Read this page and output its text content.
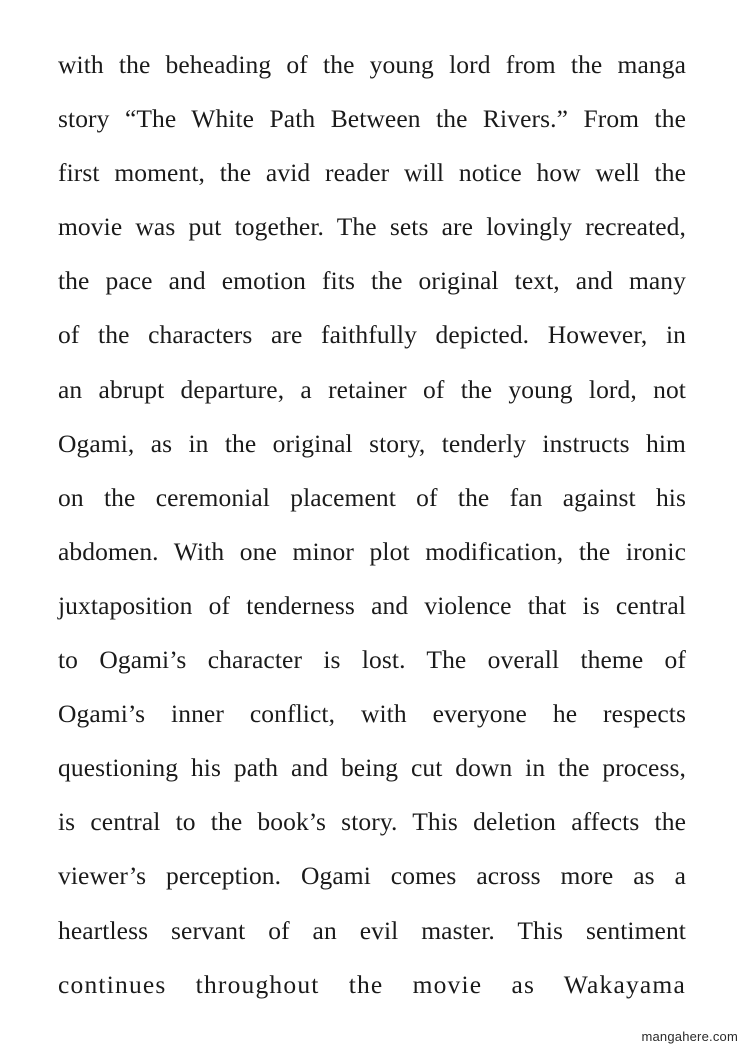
with the beheading of the young lord from the manga
story “The White Path Between the Rivers.” From the
first moment, the avid reader will notice how well the
movie was put together. The sets are lovingly recreated,
the pace and emotion fits the original text, and many
of the characters are faithfully depicted. However, in
an abrupt departure, a retainer of the young lord, not
Ogami, as in the original story, tenderly instructs him
on the ceremonial placement of the fan against his
abdomen. With one minor plot modification, the ironic
juxtaposition of tenderness and violence that is central
to Ogami’s character is lost. The overall theme of
Ogami’s inner conflict, with everyone he respects
questioning his path and being cut down in the process,
is central to the book’s story. This deletion affects the
viewer’s perception. Ogami comes across more as a
heartless servant of an evil master. This sentiment
continues throughout the movie as Wakayama
mangahere.com
